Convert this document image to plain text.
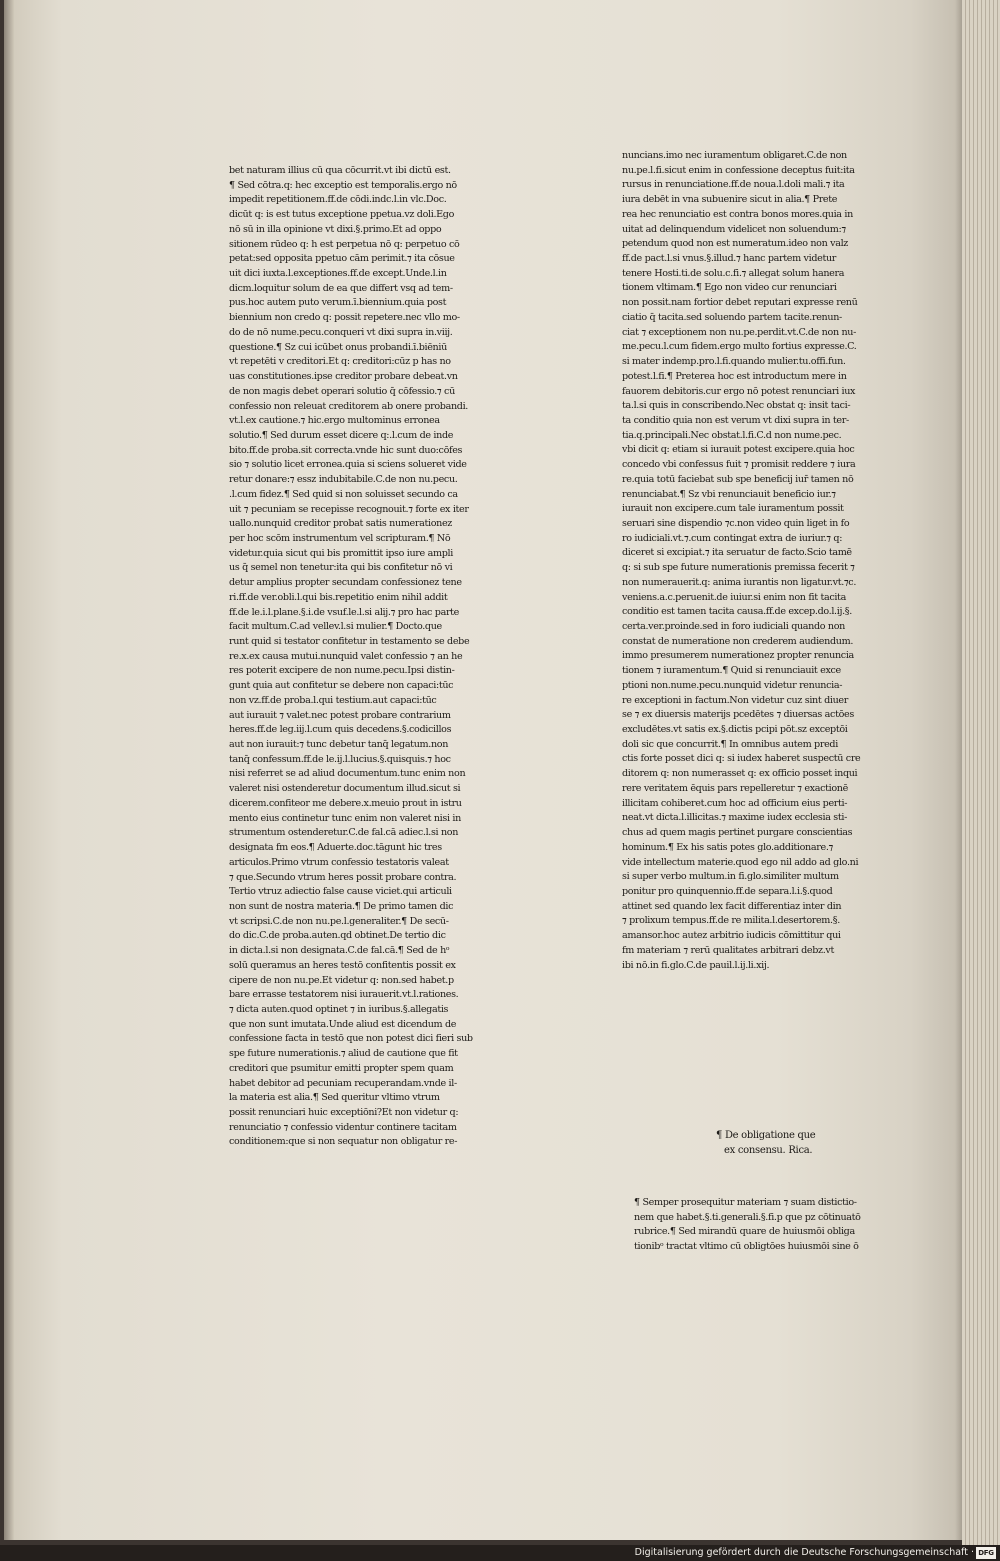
bet naturam illius cū qua cōcurrit.vt ibi dictū est.
¶ Sed cōtra.q: hec exceptio est temporalis.ergo nō
impedit repetitionem.ff.de cōdi.indc.l.in vlc.Doc.
dicūt q: is est tutus exceptione ppetua.vz doli.Ego
nō sū in illa opinione vt dixi.§.primo.Et ad oppo
sitionem rūdeo q: h est perpetua nō q: perpetuo cō
petat:sed opposita ppetuo cām perimit.⁊ ita cōsue
uit dici iuxta.l.exceptiones.ff.de except.Unde.l.in
dicm.loquitur solum de ea que differt vsq ad tem-
pus.hoc autem puto verum.ī.biennium.quia post
biennium non credo q: possit repetere.nec vllo mo-
do de nō nume.pecu.conqueri vt dixi supra in.viij.
questione.¶ Sz cui icūbet onus probandi.ī.biēniū
vt repetēti v creditori.Et q: creditori:cūz p has no
uas constitutiones.ipse creditor probare debeat.vn
de non magis debet operari solutio q̄ cōfessio.⁊ cū
confessio non releuat creditorem ab onere probandi.
vt.l.ex cautione.⁊ hic.ergo multominus erronea
solutio.¶ Sed durum esset dicere q:.l.cum de inde
bito.ff.de proba.sit correcta.vnde hic sunt duo:cōfes
sio ⁊ solutio licet erronea.quia si sciens solueret vide
retur donare:⁊ essz indubitabile.C.de non nu.pecu.
.l.cum fidez.¶ Sed quid si non soluisset secundo ca
uit ⁊ pecuniam se recepisse recognouit.⁊ forte ex iter
uallo.nunquid creditor probat satis numerationez
per hoc scōm instrumentum vel scripturam.¶ Nō
videtur.quia sicut qui bis promittit ipso iure ampli
us q̄ semel non tenetur:ita qui bis confitetur nō vi
detur amplius propter secundam confessionez tene
ri.ff.de ver.obli.l.qui bis.repetitio enim nihil addit
ff.de le.i.l.plane.§.i.de vsuf.le.l.si alij.⁊ pro hac parte
facit multum.C.ad vellev.l.si mulier.¶ Docto.que
runt quid si testator confitetur in testamento se debe
re.x.ex causa mutui.nunquid valet confessio ⁊ an he
res poterit excipere de non nume.pecu.Ipsi distin-
gunt quia aut confitetur se debere non capaci:tūc
non vz.ff.de proba.l.qui testium.aut capaci:tūc
aut iurauit ⁊ valet.nec potest probare contrarium
heres.ff.de leg.iij.l.cum quis decedens.§.codicillos
aut non iurauit:⁊ tunc debetur tanq̄ legatum.non
tanq̄ confessum.ff.de le.ij.l.lucius.§.quisquis.⁊ hoc
nisi referret se ad aliud documentum.tunc enim non
valeret nisi ostenderetur documentum illud.sicut si
dicerem.confiteor me debere.x.meuio prout in istru
mento eius continetur tunc enim non valeret nisi in
strumentum ostenderetur.C.de fal.cā adiec.l.si non
designata fm eos.¶ Aduerte.doc.tāgunt hic tres
articulos.Primo vtrum confessio testatoris valeat
⁊ que.Secundo vtrum heres possit probare contra.
Tertio vtruz adiectio false cause viciet.qui articuli
non sunt de nostra materia.¶ De primo tamen dic
vt scripsi.C.de non nu.pe.l.generaliter.¶ De secū-
do dic.C.de proba.auten.qd obtinet.De tertio dic
in dicta.l.si non designata.C.de fal.cā.¶ Sed de hᵒ
solū queramus an heres testō confitentis possit ex
cipere de non nu.pe.Et videtur q: non.sed habet.p
bare errasse testatorem nisi iurauerit.vt.l.rationes.
⁊ dicta auten.quod optinet ⁊ in iuribus.§.allegatis
que non sunt imutata.Unde aliud est dicendum de
confessione facta in testō que non potest dici fieri sub
spe future numerationis.⁊ aliud de cautione que fit
creditori que psumitur emitti propter spem quam
habet debitor ad pecuniam recuperandam.vnde il-
la materia est alia.¶ Sed queritur vltimo vtrum
possit renunciari huic exceptiōni?Et non videtur q:
renunciatio ⁊ confessio videntur continere tacitam
conditionem:que si non sequatur non obligatur re-
nuncians.imo nec iuramentum obligaret.C.de non
nu.pe.l.fi.sicut enim in confessione deceptus fuit:ita
rursus in renunciatione.ff.de noua.l.doli mali.⁊ ita
iura debēt in vna subuenire sicut in alia.¶ Prete
rea hec renunciatio est contra bonos mores.quia in
uitat ad delinquendum videlicet non soluendum:⁊
petendum quod non est numeratum.ideo non valz
ff.de pact.l.si vnus.§.illud.⁊ hanc partem videtur
tenere Hosti.ti.de solu.c.fi.⁊ allegat solum hanera
tionem vltimam.¶ Ego non video cur renunciari
non possit.nam fortior debet reputari expresse renū
ciatio q̄ tacita.sed soluendo partem tacite.renun-
ciat ⁊ exceptionem non nu.pe.perdit.vt.C.de non nu-
me.pecu.l.cum fidem.ergo multo fortius expresse.C.
si mater indemp.pro.l.fi.quando mulier.tu.offi.fun.
potest.l.fi.¶ Preterea hoc est introductum mere in
fauorem debitoris.cur ergo nō potest renunciari iux
ta.l.si quis in conscribendo.Nec obstat q: insit taci-
ta conditio quia non est verum vt dixi supra in ter-
tia.q.principali.Nec obstat.l.fi.C.d non nume.pec.
vbi dicit q: etiam si iurauit potest excipere.quia hoc
concedo vbi confessus fuit ⁊ promisit reddere ⁊ iura
re.quia totū faciebat sub spe beneficij iur̄ tamen nō
renunciabat.¶ Sz vbi renunciauit beneficio iur.⁊
iurauit non excipere.cum tale iuramentum possit
seruari sine dispendio ⁊c.non video quin liget in fo
ro iudiciali.vt.⁊.cum contingat extra de iuriur.⁊ q:
diceret si excipiat.⁊ ita seruatur de facto.Scio tamē
q: si sub spe future numerationis premissa fecerit ⁊
non numerauerit.q: anima iurantis non ligatur.vt.⁊c.
veniens.a.c.peruenit.de iuiur.si enim non fit tacita
conditio est tamen tacita causa.ff.de excep.do.l.ij.§.
certa.ver.proinde.sed in foro iudiciali quando non
constat de numeratione non crederem audiendum.
immo presumerem numerationez propter renuncia
tionem ⁊ iuramentum.¶ Quid si renunciauit exce
ptioni non.nume.pecu.nunquid videtur renuncia-
re exceptioni in factum.Non videtur cuz sint diuer
se ⁊ ex diuersis materijs pcedētes ⁊ diuersas actōes
excludētes.vt satis ex.§.dictis pcipi pōt.sz exceptōi
doli sic que concurrit.¶ In omnibus autem predi
ctis forte posset dici q: si iudex haberet suspectū cre
ditorem q: non numerasset q: ex officio posset inqui
rere veritatem ēquis pars repelleretur ⁊ exactionē
illicitam cohiberet.cum hoc ad officium eius perti-
neat.vt dicta.l.illicitas.⁊ maxime iudex ecclesia sti-
chus ad quem magis pertinet purgare conscientias
hominum.¶ Ex his satis potes glo.additionare.⁊
vide intellectum materie.quod ego nil addo ad glo.ni
si super verbo multum.in fi.glo.similiter multum
ponitur pro quinquennio.ff.de separa.l.i.§.quod
attinet sed quando lex facit differentiaz inter din
⁊ prolixum tempus.ff.de re milita.l.desertorem.§.
amansor.hoc autez arbitrio iudicis cōmittitur qui
fm materiam ⁊ rerū qualitates arbitrari debz.vt
ibi nō.in fi.glo.C.de pauil.l.ij.li.xij.
¶ De obligatione que
ex consensu. Rica.
¶ Semper prosequitur materiam ⁊ suam distictio-
nem que habet.§.ti.generali.§.fi.p que pz cōtinuatō
rubrice.¶ Sed mirandū quare de huiusmōi obliga
tionibᵒ tractat vltimo cū obligtōes huiusmōi sine ō
Digitalisierung gefördert durch die Deutsche Forschungsgemeinschaft · DFG
